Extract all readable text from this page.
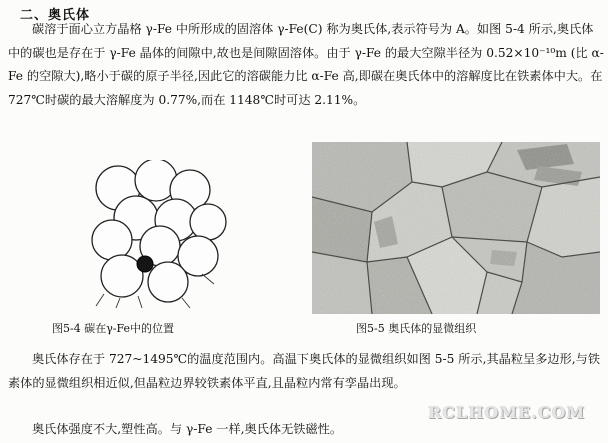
二、奥氏体

碳溶于面心立方晶格 γ-Fe 中所形成的固溶体 γ-Fe(C) 称为奥氏体,表示符号为 A。如图 5-4 所示,奥氏体中的碳也是存在于 γ-Fe 晶体的间隙中,故也是间隙固溶体。由于 γ-Fe 的最大空隙半径为 0.52×10⁻¹⁰m (比 α-Fe 的空隙大),略小于碳的原子半径,因此它的溶碳能力比 α-Fe 高,即碳在奥氏体中的溶解度比在铁素体中大。在 727℃时碳的最大溶解度为 0.77%,而在 1148℃时可达 2.11%。

图5-4 碳在γ-Fe中的位置	图5-5 奥氏体的显微组织

奥氏体存在于 727~1495℃的温度范围内。高温下奥氏体的显微组织如图 5-5 所示,其晶粒呈多边形,与铁素体的显微组织相近似,但晶粒边界较铁素体平直,且晶粒内常有孪晶出现。

奥氏体强度不大,塑性高。与 γ-Fe 一样,奥氏体无铁磁性。

RCLHOME.COM
